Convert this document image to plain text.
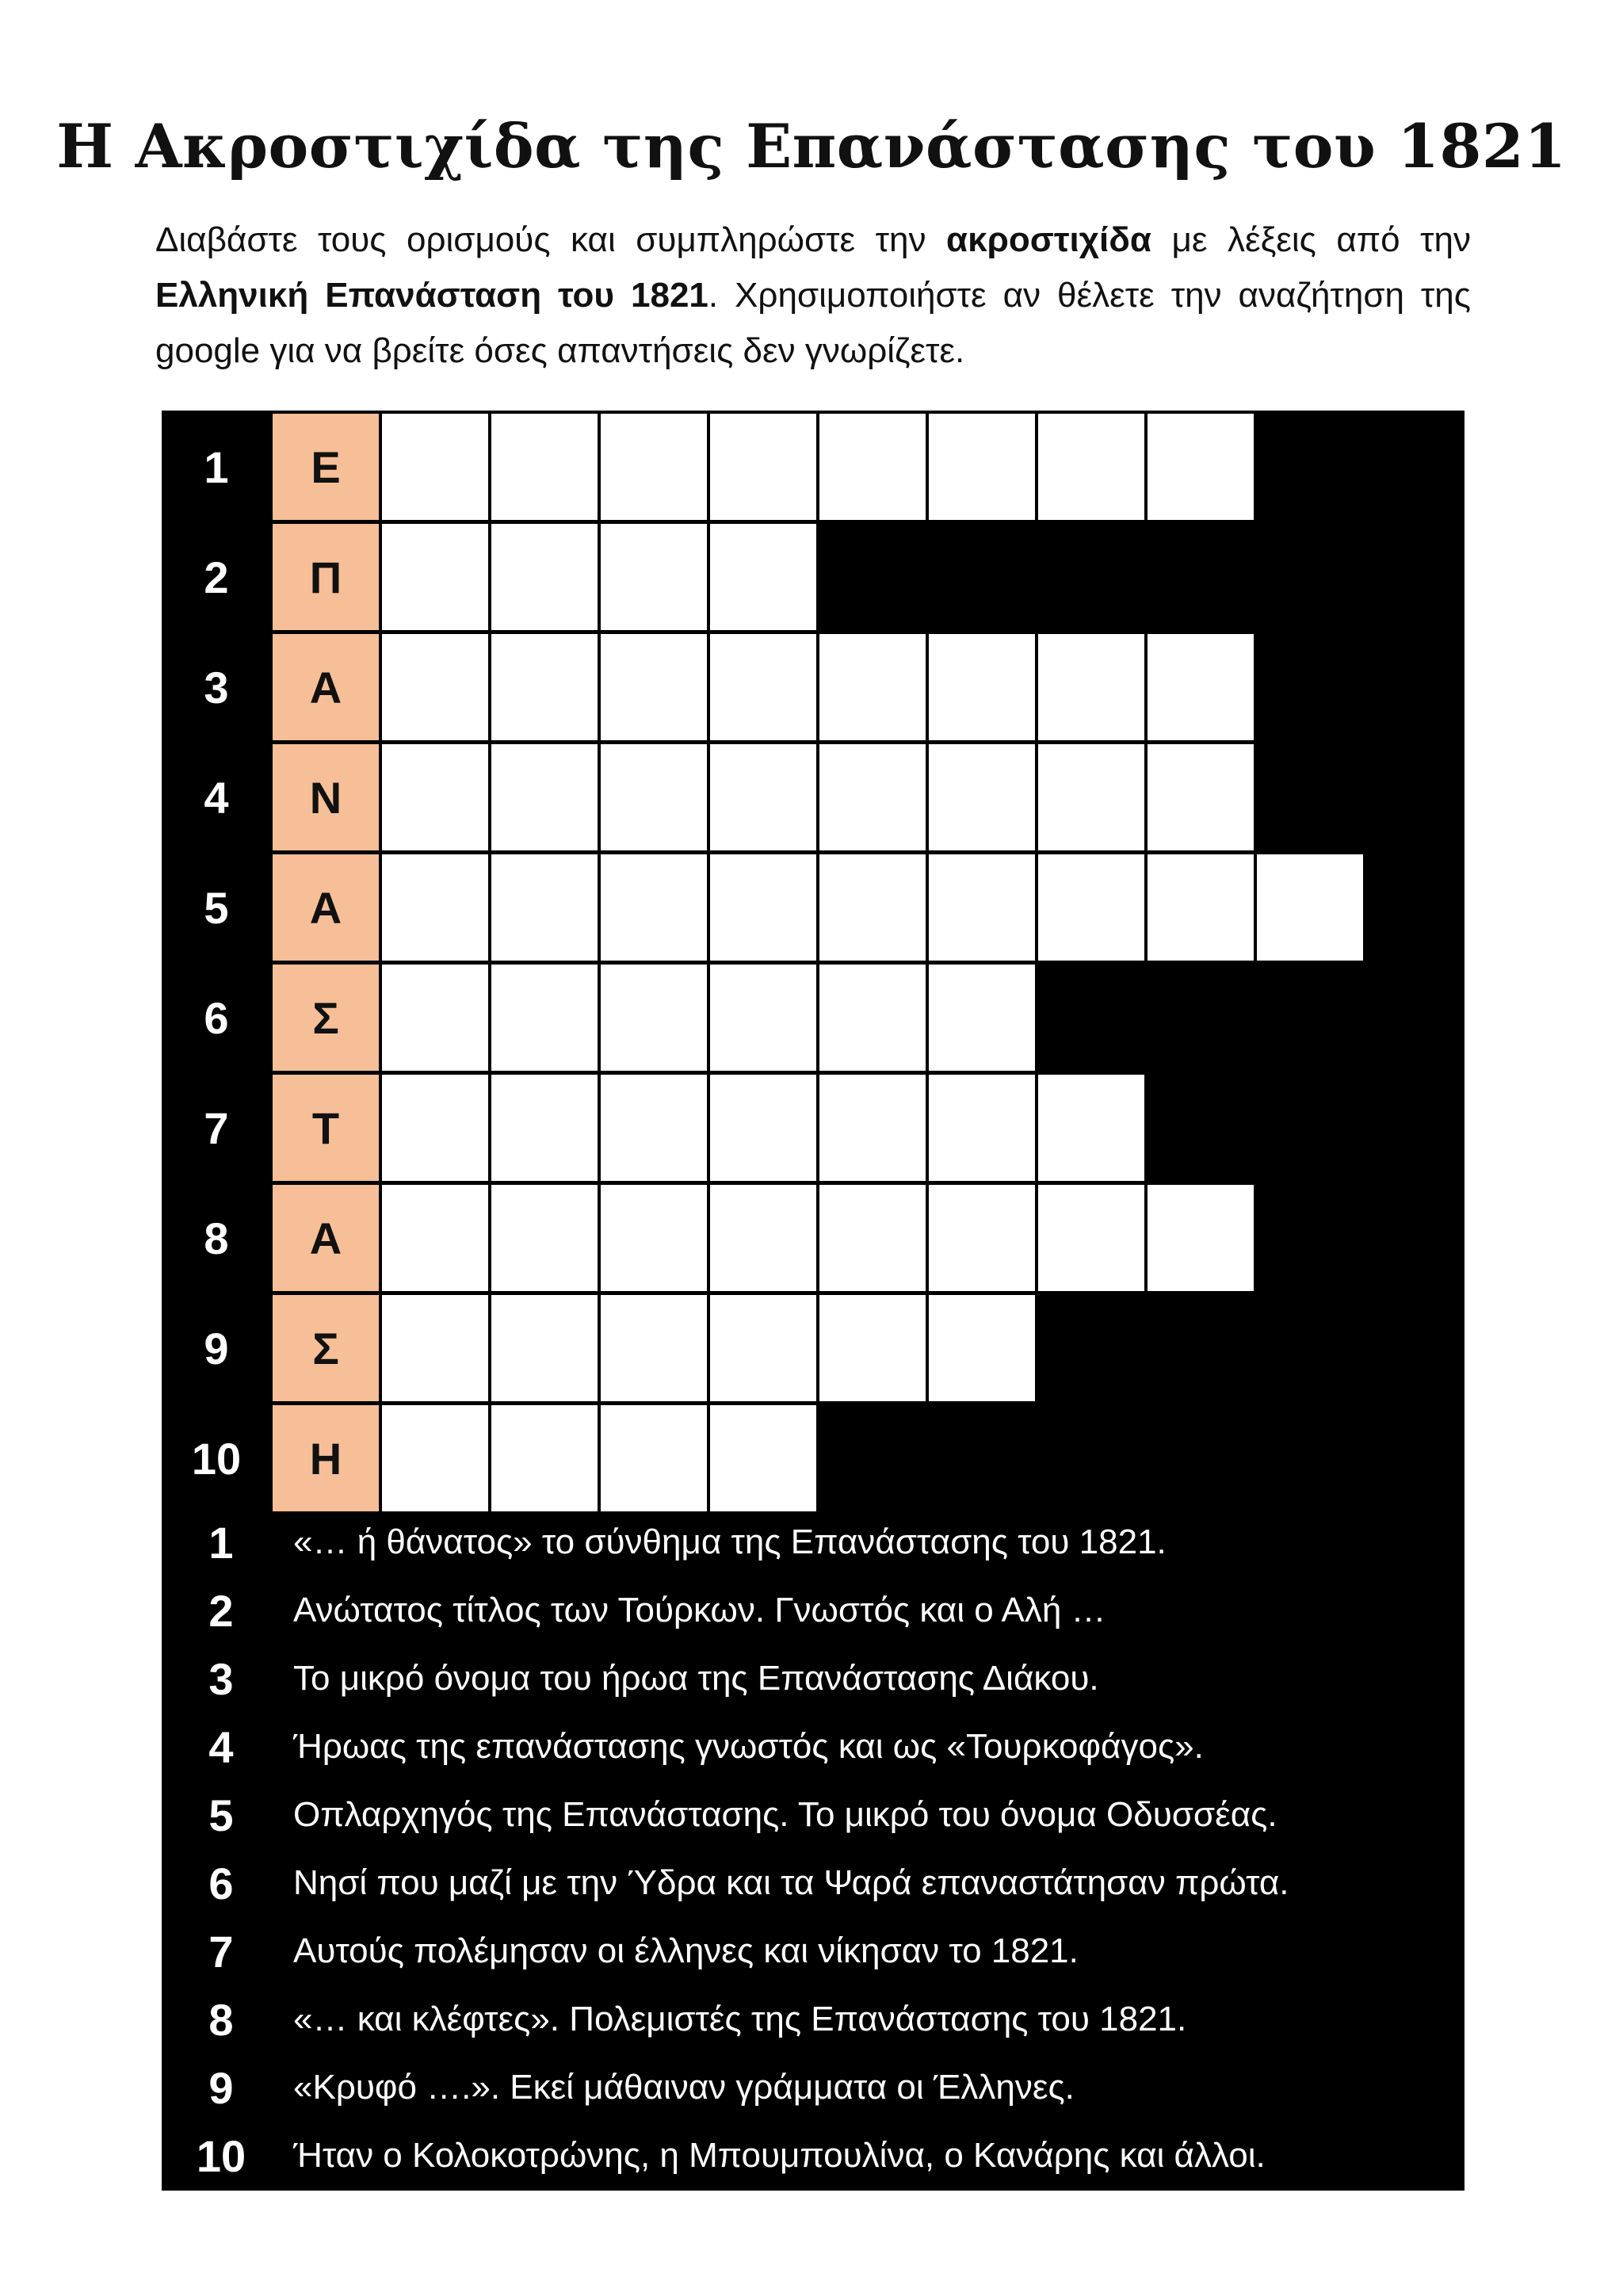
Η Ακροστιχίδα της Επανάστασης του 1821

Διαβάστε τους ορισμούς και συμπληρώστε την ακροστιχίδα με λέξεις από την Ελληνική Επανάσταση του 1821. Χρησιμοποιήστε αν θέλετε την αναζήτηση της google για να βρείτε όσες απαντήσεις δεν γνωρίζετε.

1	Ε
2	Π
3	Α
4	Ν
5	Α
6	Σ
7	Τ
8	Α
9	Σ
10	Η
1	«… ή θάνατος» το σύνθημα της Επανάστασης του 1821.
2	Ανώτατος τίτλος των Τούρκων. Γνωστός και ο Αλή …
3	Το μικρό όνομα του ήρωα της Επανάστασης Διάκου.
4	Ήρωας της επανάστασης γνωστός και ως «Τουρκοφάγος».
5	Οπλαρχηγός της Επανάστασης. Το μικρό του όνομα Οδυσσέας.
6	Νησί που μαζί με την Ύδρα και τα Ψαρά επαναστάτησαν πρώτα.
7	Αυτούς πολέμησαν οι έλληνες και νίκησαν το 1821.
8	«… και κλέφτες». Πολεμιστές της Επανάστασης του 1821.
9	«Κρυφό ….». Εκεί μάθαιναν γράμματα οι Έλληνες.
10	Ήταν ο Κολοκοτρώνης, η Μπουμπουλίνα, ο Κανάρης και άλλοι.
